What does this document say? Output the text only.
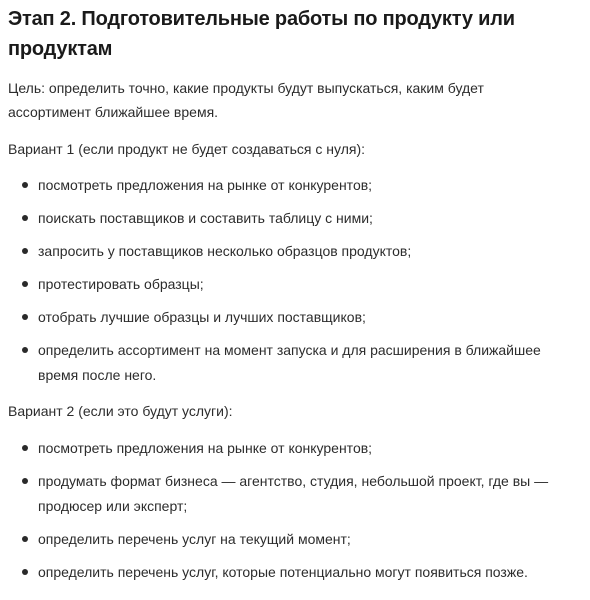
Этап 2. Подготовительные работы по продукту или продуктам

Цель: определить точно, какие продукты будут выпускаться, каким будет ассортимент ближайшее время.

Вариант 1 (если продукт не будет создаваться с нуля):

посмотреть предложения на рынке от конкурентов;

поискать поставщиков и составить таблицу с ними;

запросить у поставщиков несколько образцов продуктов;

протестировать образцы;

отобрать лучшие образцы и лучших поставщиков;

определить ассортимент на момент запуска и для расширения в ближайшее время после него.

Вариант 2 (если это будут услуги):

посмотреть предложения на рынке от конкурентов;

продумать формат бизнеса — агентство, студия, небольшой проект, где вы — продюсер или эксперт;

определить перечень услуг на текущий момент;

определить перечень услуг, которые потенциально могут появиться позже.
